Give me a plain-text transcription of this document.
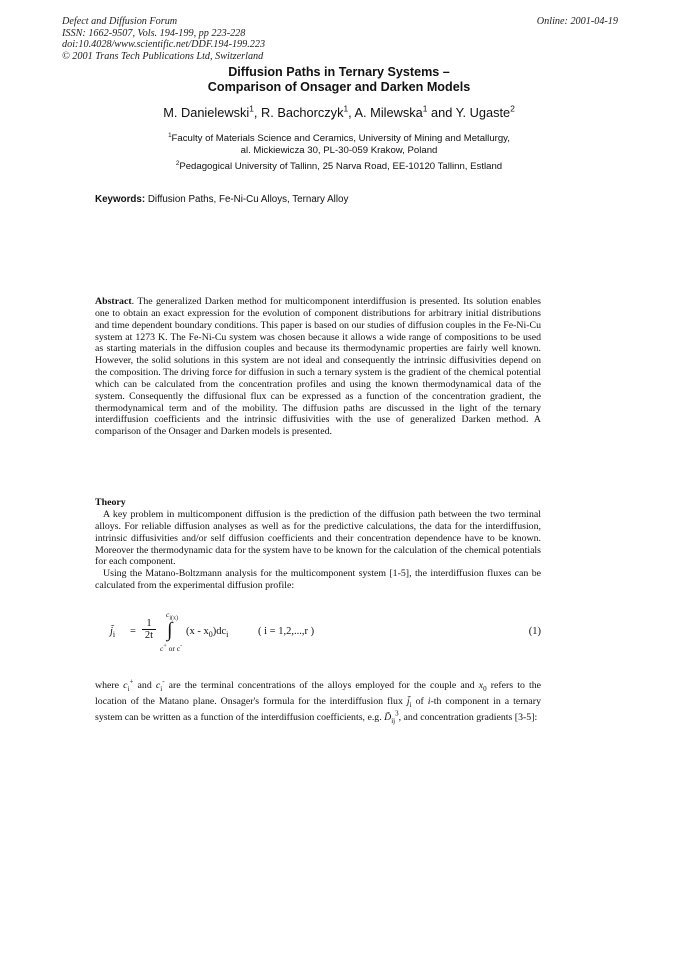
Defect and Diffusion Forum
ISSN: 1662-9507, Vols. 194-199, pp 223-228
doi:10.4028/www.scientific.net/DDF.194-199.223
© 2001 Trans Tech Publications Ltd, Switzerland
Online: 2001-04-19
Diffusion Paths in Ternary Systems –
Comparison of Onsager and Darken Models
M. Danielewski$^1$, R. Bachorczyk$^1$, A. Milewska$^1$ and Y. Ugaste$^2$
$^1$Faculty of Materials Science and Ceramics, University of Mining and Metallurgy,
al. Mickiewicza 30, PL-30-059 Krakow, Poland
$^2$Pedagogical University of Tallinn, 25 Narva Road, EE-10120 Tallinn, Estland
Keywords: Diffusion Paths, Fe-Ni-Cu Alloys, Ternary Alloy
Abstract. The generalized Darken method for multicomponent interdiffusion is presented. Its solution enables one to obtain an exact expression for the evolution of component distributions for arbitrary initial distributions and time dependent boundary conditions. This paper is based on our studies of diffusion couples in the Fe-Ni-Cu system at 1273 K. The Fe-Ni-Cu system was chosen because it allows a wide range of compositions to be used as starting materials in the diffusion couples and because its thermodynamic properties are fairly well known. However, the solid solutions in this system are not ideal and consequently the intrinsic diffusivities depend on the composition. The driving force for diffusion in such a ternary system is the gradient of the chemical potential which can be calculated from the concentration profiles and using the known thermodynamical data of the system. Consequently the diffusional flux can be expressed as a function of the concentration gradient, the thermodynamical term and of the mobility. The diffusion paths are discussed in the light of the ternary interdiffusion coefficients and the intrinsic diffusivities with the use of generalized Darken method. A comparison of the Onsager and Darken models is presented.
Theory
A key problem in multicomponent diffusion is the prediction of the diffusion path between the two terminal alloys. For reliable diffusion analyses as well as for the predictive calculations, the data for the interdiffusion, intrinsic diffusivities and/or self diffusion coefficients and their concentration dependence have to be known. Moreover the thermodynamic data for the system have to be known for the calculation of the chemical potentials for each component.
Using the Matano-Boltzmann analysis for the multicomponent system [1-5], the interdiffusion fluxes can be calculated from the experimental diffusion profile:
$j̃_i = \frac{1}{2t}$
$c_{i(x)}$
∫
c+ or c-
$(x - x_0)dc_i$	( i = 1,2,...,r )	(1)
where $c_i^+$ and $c_i^-$ are the terminal concentrations of the alloys employed for the couple and $x_0$ refers to the location of the Matano plane. Onsager's formula for the interdiffusion flux $j̃_i$ of i-th component in a ternary system can be written as a function of the interdiffusion coefficients, e.g. $D̃_{ij}^3$, and concentration gradients [3-5]:
